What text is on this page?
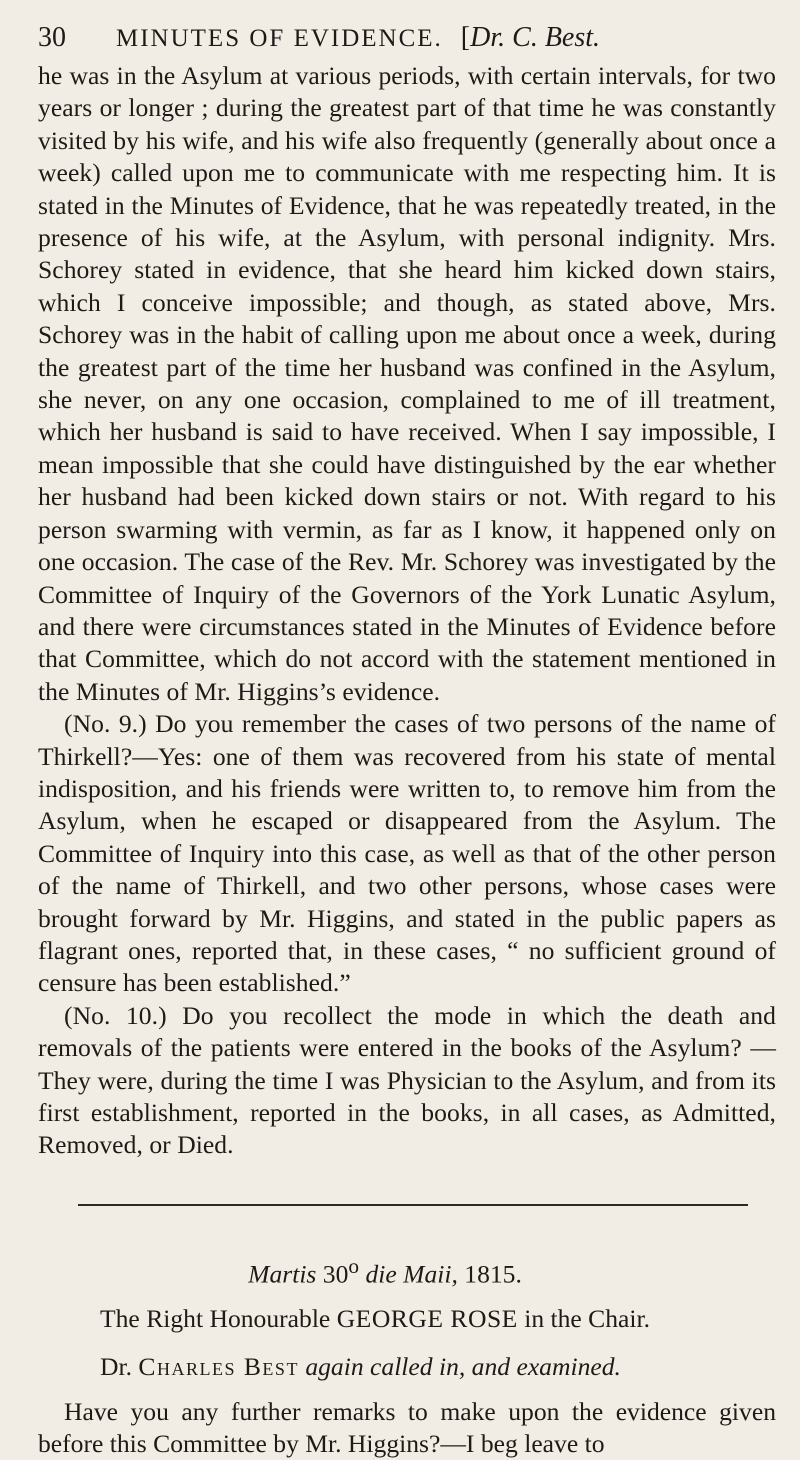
30	MINUTES OF EVIDENCE. [Dr. C. Best.

he was in the Asylum at various periods, with certain intervals, for two years or longer ; during the greatest part of that time he was constantly visited by his wife, and his wife also frequently (generally about once a week) called upon me to communicate with me respecting him. It is stated in the Minutes of Evidence, that he was repeatedly treated, in the presence of his wife, at the Asylum, with personal indignity. Mrs. Schorey stated in evidence, that she heard him kicked down stairs, which I conceive impossible; and though, as stated above, Mrs. Schorey was in the habit of calling upon me about once a week, during the greatest part of the time her husband was confined in the Asylum, she never, on any one occasion, complained to me of ill treatment, which her husband is said to have received. When I say impossible, I mean impossible that she could have distinguished by the ear whether her husband had been kicked down stairs or not. With regard to his person swarming with vermin, as far as I know, it happened only on one occasion. The case of the Rev. Mr. Schorey was investigated by the Committee of Inquiry of the Governors of the York Lunatic Asylum, and there were circumstances stated in the Minutes of Evidence before that Committee, which do not accord with the statement mentioned in the Minutes of Mr. Higgins’s evidence.

(No. 9.) Do you remember the cases of two persons of the name of Thirkell?—Yes: one of them was recovered from his state of mental indisposition, and his friends were written to, to remove him from the Asylum, when he escaped or disappeared from the Asylum. The Committee of Inquiry into this case, as well as that of the other person of the name of Thirkell, and two other persons, whose cases were brought forward by Mr. Higgins, and stated in the public papers as flagrant ones, reported that, in these cases, “ no sufficient ground of censure has been established.”

(No. 10.) Do you recollect the mode in which the death and removals of the patients were entered in the books of the Asylum? —They were, during the time I was Physician to the Asylum, and from its first establishment, reported in the books, in all cases, as Admitted, Removed, or Died.

Martis 30$^o$ die Maii, 1815.
The Right Honourable GEORGE ROSE in the Chair.
Dr. Charles Best again called in, and examined.

Have you any further remarks to make upon the evidence given before this Committee by Mr. Higgins?—I beg leave to
